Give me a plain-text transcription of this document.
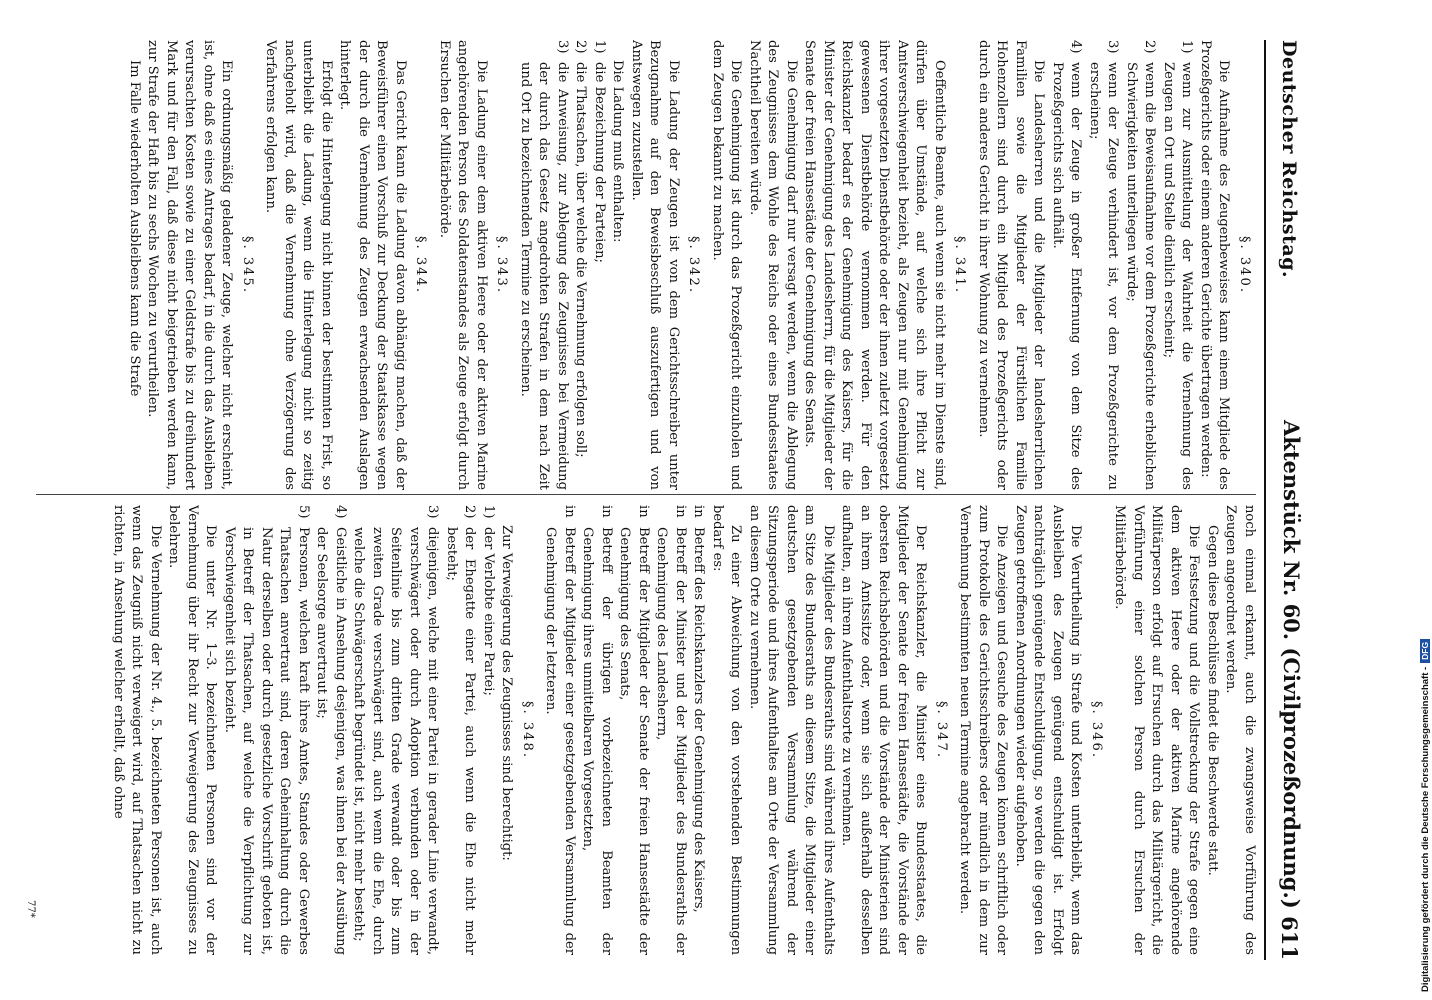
Deutscher Reichstag.
Aktenstück Nr. 60. (Civilprozeßordnung.)
611
§. 340.

Die Aufnahme des Zeugenbeweises kann einem Mitgliede des Prozeßgerichts oder einem anderen Gerichte übertragen werden:

1)wenn zur Ausmittelung der Wahrheit die Vernehmung des Zeugen an Ort und Stelle dienlich erscheint;
2)wenn die Beweisaufnahme vor dem Prozeßgerichte erheblichen Schwierigkeiten unterliegen würde;
3)wenn der Zeuge verhindert ist, vor dem Prozeßgerichte zu erscheinen;
4)wenn der Zeuge in großer Entfernung von dem Sitze des Prozeßgerichts sich aufhält.

Die Landesherren und die Mitglieder der landesherrlichen Familien sowie die Mitglieder der Fürstlichen Familie Hohenzollern sind durch ein Mitglied des Prozeßgerichts oder durch ein anderes Gericht in ihrer Wohnung zu vernehmen.

§. 341.

Oeffentliche Beamte, auch wenn sie nicht mehr im Dienste sind, dürfen über Umstände, auf welche sich ihre Pflicht zur Amtsverschwiegenheit bezieht, als Zeugen nur mit Genehmigung ihrer vorgesetzten Dienstbehörde oder der ihnen zuletzt vorgesetzt gewesenen Dienstbehörde vernommen werden. Für den Reichskanzler bedarf es der Genehmigung des Kaisers, für die Minister der Genehmigung des Landesherrn, für die Mitglieder der Senate der freien Hansestädte der Genehmigung des Senats.

Die Genehmigung darf nur versagt werden, wenn die Ablegung des Zeugnisses dem Wohle des Reichs oder eines Bundesstaates Nachtheil bereiten würde.

Die Genehmigung ist durch das Prozeßgericht einzuholen und dem Zeugen bekannt zu machen.

§. 342.

Die Ladung der Zeugen ist von dem Gerichtsschreiber unter Bezugnahme auf den Beweisbeschluß auszufertigen und von Amtswegen zuzustellen.

Die Ladung muß enthalten:

1)die Bezeichnung der Parteien;
2)die Thatsachen, über welche die Vernehmung erfolgen soll;
3)die Anweisung, zur Ablegung des Zeugnisses bei Vermeidung der durch das Gesetz angedrohten Strafen in dem nach Zeit und Ort zu bezeichnenden Termine zu erscheinen.
§. 343.

Die Ladung einer dem aktiven Heere oder der aktiven Marine angehörenden Person des Soldatenstandes als Zeuge erfolgt durch Ersuchen der Militärbehörde.

§. 344.

Das Gericht kann die Ladung davon abhängig machen, daß der Beweisführer einen Vorschuß zur Deckung der Staatskasse wegen der durch die Vernehmung des Zeugen erwachsenden Auslagen hinterlegt.

Erfolgt die Hinterlegung nicht binnen der bestimmten Frist, so unterbleibt die Ladung, wenn die Hinterlegung nicht so zeitig nachgeholt wird, daß die Vernehmung ohne Verzögerung des Verfahrens erfolgen kann.

§. 345.

Ein ordnungsmäßig geladener Zeuge, welcher nicht erscheint, ist, ohne daß es eines Antrages bedarf, in die durch das Ausbleiben verursachten Kosten sowie zu einer Geldstrafe bis zu dreihundert Mark und für den Fall, daß diese nicht beigetrieben werden kann, zur Strafe der Haft bis zu sechs Wochen zu verurtheilen.

Im Falle wiederholten Ausbleibens kann die Strafe

noch einmal erkannt, auch die zwangsweise Vorführung des Zeugen angeordnet werden.

Gegen diese Beschlüsse findet die Beschwerde statt.

Die Festsetzung und die Vollstreckung der Strafe gegen eine dem aktiven Heere oder der aktiven Marine angehörende Militärperson erfolgt auf Ersuchen durch das Militärgericht, die Vorführung einer solchen Person durch Ersuchen der Militärbehörde.

§. 346.

Die Verurtheilung in Strafe und Kosten unterbleibt, wenn das Ausbleiben des Zeugen genügend entschuldigt ist. Erfolgt nachträglich genügende Entschuldigung, so werden die gegen den Zeugen getroffenen Anordnungen wieder aufgehoben.

Die Anzeigen und Gesuche des Zeugen können schriftlich oder zum Protokolle des Gerichtsschreibers oder mündlich in dem zur Vernehmung bestimmten neuen Termine angebracht werden.

§. 347.

Der Reichskanzler, die Minister eines Bundesstaates, die Mitglieder der Senate der freien Hansestädte, die Vorstände der obersten Reichsbehörden und die Vorstände der Ministerien sind an ihrem Amtssitze oder, wenn sie sich außerhalb desselben aufhalten, an ihrem Aufenthaltsorte zu vernehmen.

Die Mitglieder des Bundesraths sind während ihres Aufenthalts am Sitze des Bundesraths an diesem Sitze, die Mitglieder einer deutschen gesetzgebenden Versammlung während der Sitzungsperiode und ihres Aufenthaltes am Orte der Versammlung an diesem Orte zu vernehmen.

Zu einer Abweichung von den vorstehenden Bestimmungen bedarf es:

inBetreff des Reichskanzlers der Genehmigung des Kaisers,
inBetreff der Minister und der Mitglieder des Bundesraths der Genehmigung des Landesherrn,
inBetreff der Mitglieder der Senate der freien Hansestädte der Genehmigung des Senats,
inBetreff der übrigen vorbezeichneten Beamten der Genehmigung ihres unmittelbaren Vorgesetzten,
inBetreff der Mitglieder einer gesetzgebenden Versammlung der Genehmigung der letzteren.
§. 348.

Zur Verweigerung des Zeugnisses sind berechtigt:

1)der Verlobte einer Partei;
2)der Ehegatte einer Partei, auch wenn die Ehe nicht mehr besteht;
3)diejenigen, welche mit einer Partei in gerader Linie verwandt, verschwägert oder durch Adoption verbunden oder in der Seitenlinie bis zum dritten Grade verwandt oder bis zum zweiten Grade verschwägert sind, auch wenn die Ehe, durch welche die Schwägerschaft begründet ist, nicht mehr besteht;
4)Geistliche in Ansehung desjenigen, was ihnen bei der Ausübung der Seelsorge anvertraut ist;
5)Personen, welchen kraft ihres Amtes, Standes oder Gewerbes Thatsachen anvertraut sind, deren Geheimhaltung durch die Natur derselben oder durch gesetzliche Vorschrift geboten ist, in Betreff der Thatsachen, auf welche die Verpflichtung zur Verschwiegenheit sich bezieht.

Die unter Nr. 1–3. bezeichneten Personen sind vor der Vernehmung über ihr Recht zur Verweigerung des Zeugnisses zu belehren.

Die Vernehmung der Nr. 4., 5. bezeichneten Personen ist, auch wenn das Zeugniß nicht verweigert wird, auf Thatsachen nicht zu richten, in Ansehung welcher erhellt, daß ohne

77*	Digitalisierung gefördert durch die Deutsche Forschungsgemeinschaft -DFG
